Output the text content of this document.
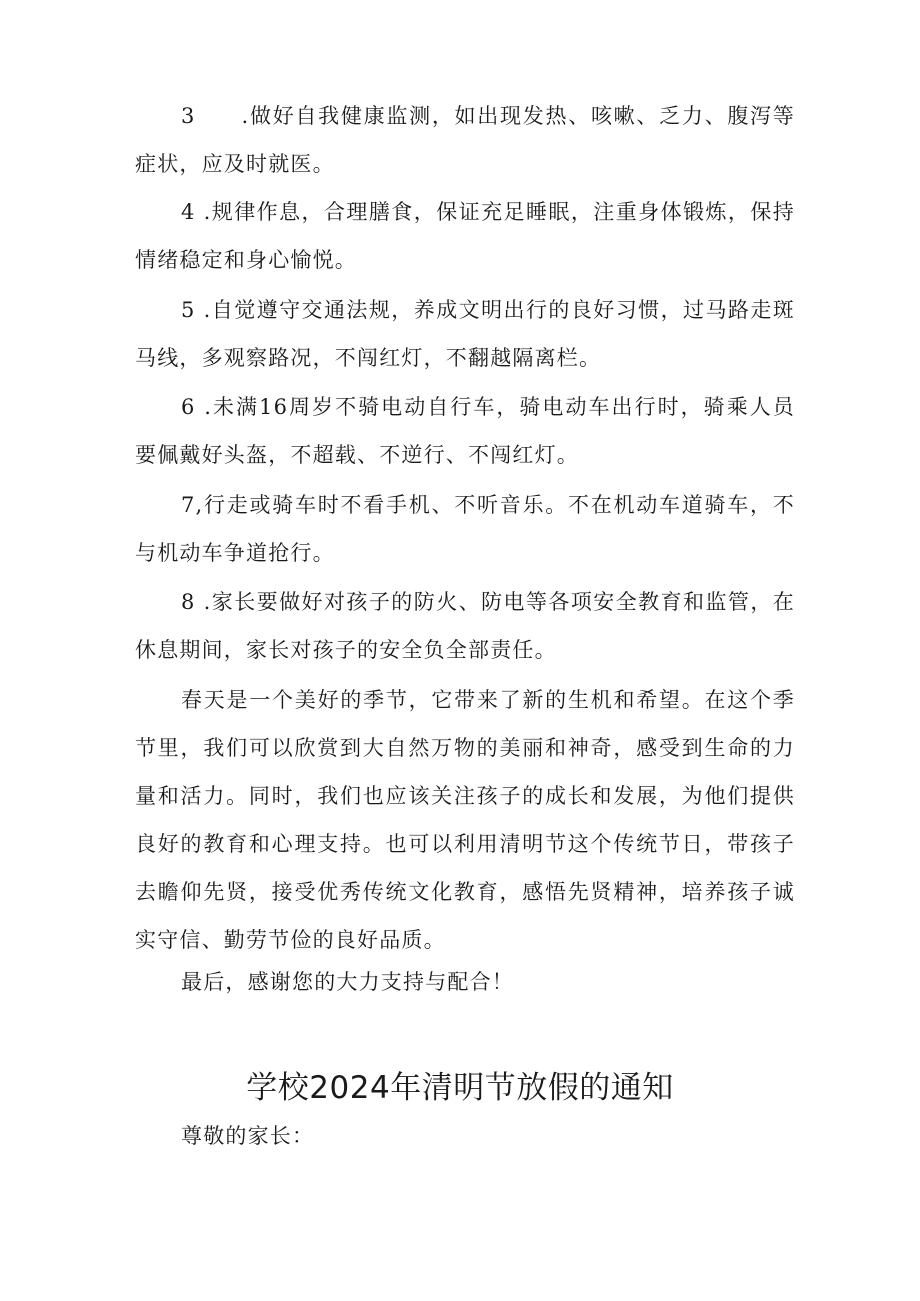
3　　.做好自我健康监测，如出现发热、咳嗽、乏力、腹泻等症状，应及时就医。

4 .规律作息，合理膳食，保证充足睡眠，注重身体锻炼，保持情绪稳定和身心愉悦。

5 .自觉遵守交通法规，养成文明出行的良好习惯，过马路走斑马线，多观察路况，不闯红灯，不翻越隔离栏。

6 .未满16周岁不骑电动自行车，骑电动车出行时，骑乘人员要佩戴好头盔，不超载、不逆行、不闯红灯。

7,行走或骑车时不看手机、不听音乐。不在机动车道骑车，不与机动车争道抢行。

8 .家长要做好对孩子的防火、防电等各项安全教育和监管，在休息期间，家长对孩子的安全负全部责任。

春天是一个美好的季节，它带来了新的生机和希望。在这个季节里，我们可以欣赏到大自然万物的美丽和神奇，感受到生命的力量和活力。同时，我们也应该关注孩子的成长和发展，为他们提供良好的教育和心理支持。也可以利用清明节这个传统节日，带孩子去瞻仰先贤，接受优秀传统文化教育，感悟先贤精神，培养孩子诚实守信、勤劳节俭的良好品质。

最后，感谢您的大力支持与配合！

学校2024年清明节放假的通知

尊敬的家长：
